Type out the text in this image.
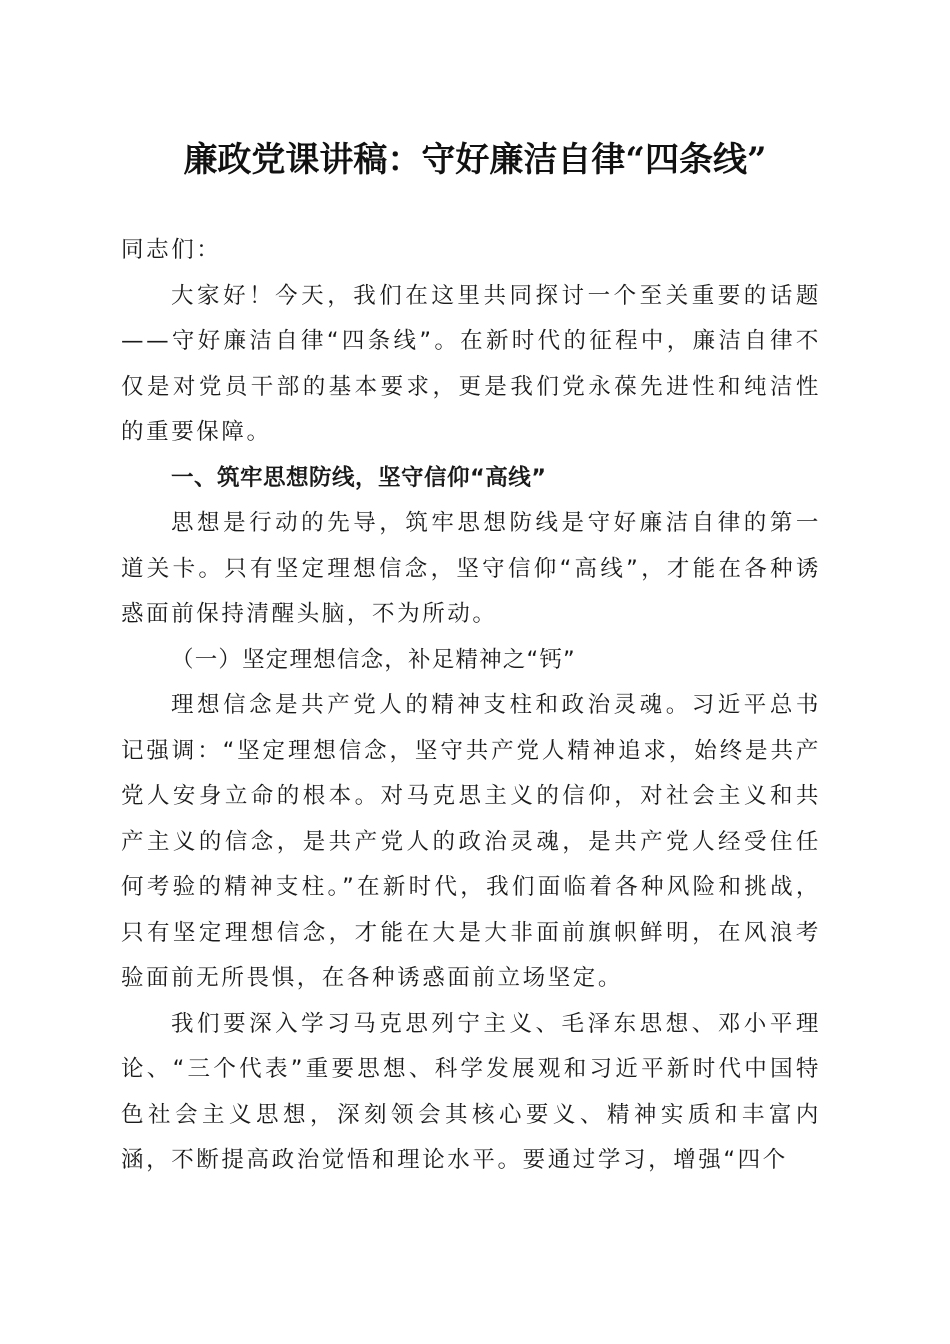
廉政党课讲稿：守好廉洁自律“四条线”

同志们：

大家好！今天，我们在这里共同探讨一个至关重要的话题——守好廉洁自律“四条线”。在新时代的征程中，廉洁自律不仅是对党员干部的基本要求，更是我们党永葆先进性和纯洁性的重要保障。

一、筑牢思想防线，坚守信仰“高线”

思想是行动的先导，筑牢思想防线是守好廉洁自律的第一道关卡。只有坚定理想信念，坚守信仰“高线”，才能在各种诱惑面前保持清醒头脑，不为所动。

（一）坚定理想信念，补足精神之“钙”

理想信念是共产党人的精神支柱和政治灵魂。习近平总书记强调：“坚定理想信念，坚守共产党人精神追求，始终是共产党人安身立命的根本。对马克思主义的信仰，对社会主义和共产主义的信念，是共产党人的政治灵魂，是共产党人经受住任何考验的精神支柱。”在新时代，我们面临着各种风险和挑战，只有坚定理想信念，才能在大是大非面前旗帜鲜明，在风浪考验面前无所畏惧，在各种诱惑面前立场坚定。

我们要深入学习马克思列宁主义、毛泽东思想、邓小平理论、“三个代表”重要思想、科学发展观和习近平新时代中国特色社会主义思想，深刻领会其核心要义、精神实质和丰富内涵，不断提高政治觉悟和理论水平。要通过学习，增强“四个
